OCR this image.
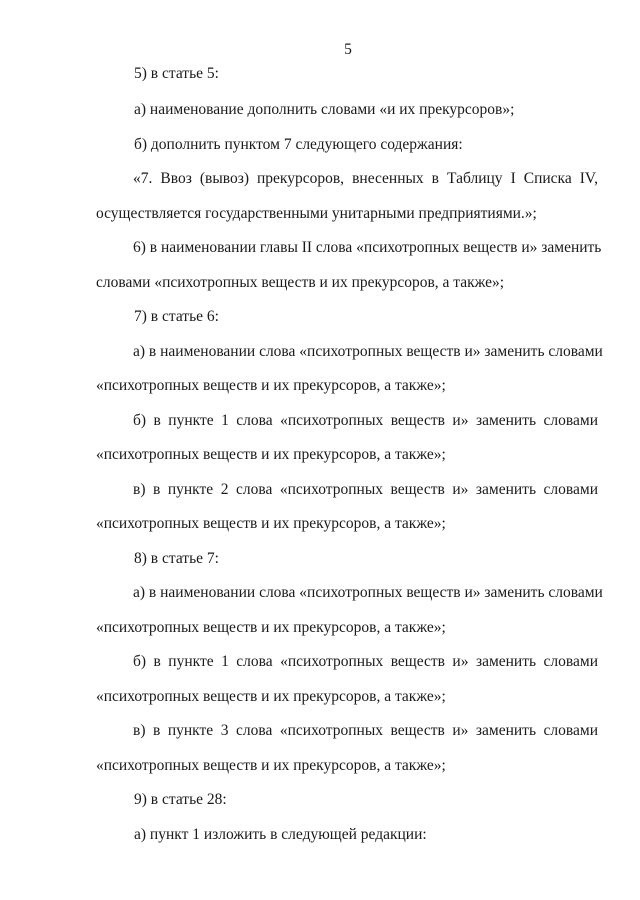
5
5) в статье 5:
а) наименование дополнить словами «и их прекурсоров»;
б) дополнить пунктом 7 следующего содержания:
«7. Ввоз (вывоз) прекурсоров, внесенных в Таблицу I Списка IV,
осуществляется государственными унитарными предприятиями.»;
6) в наименовании главы II слова «психотропных веществ и» заменить
словами «психотропных веществ и их прекурсоров, а также»;
7) в статье 6:
а) в наименовании слова «психотропных веществ и» заменить словами
«психотропных веществ и их прекурсоров, а также»;
б) в пункте 1 слова «психотропных веществ и» заменить словами
«психотропных веществ и их прекурсоров, а также»;
в) в пункте 2 слова «психотропных веществ и» заменить словами
«психотропных веществ и их прекурсоров, а также»;
8) в статье 7:
а) в наименовании слова «психотропных веществ и» заменить словами
«психотропных веществ и их прекурсоров, а также»;
б) в пункте 1 слова «психотропных веществ и» заменить словами
«психотропных веществ и их прекурсоров, а также»;
в) в пункте 3 слова «психотропных веществ и» заменить словами
«психотропных веществ и их прекурсоров, а также»;
9) в статье 28:
а) пункт 1 изложить в следующей редакции:
